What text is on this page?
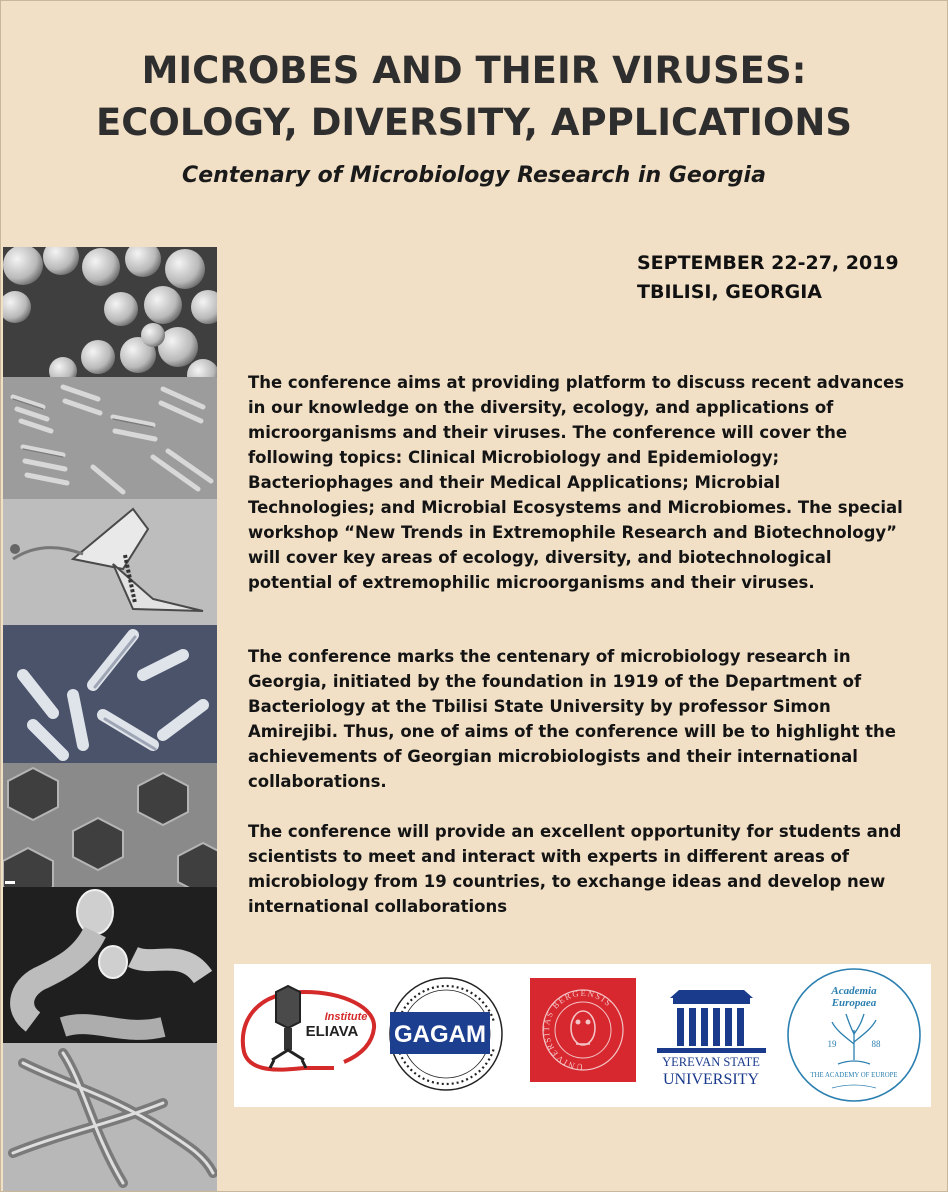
MICROBES AND THEIR VIRUSES:
ECOLOGY, DIVERSITY, APPLICATIONS
Centenary of Microbiology Research in Georgia
SEPTEMBER 22-27, 2019
TBILISI, GEORGIA

The conference aims at providing platform to discuss recent advances in our knowledge on the diversity, ecology, and applications of microorganisms and their viruses. The conference will cover the following topics: Clinical Microbiology and Epidemiology; Bacteriophages and their Medical Applications; Microbial Technologies; and Microbial Ecosystems and Microbiomes. The special workshop “New Trends in Extremophile Research and Biotechnology” will cover key areas of ecology, diversity, and biotechnological potential of extremophilic microorganisms and their viruses.

The conference marks the centenary of microbiology research in Georgia, initiated by the foundation in 1919 of the Department of Bacteriology at the Tbilisi State University by professor Simon Amirejibi. Thus, one of aims of the conference will be to highlight the achievements of Georgian microbiologists and their international collaborations.

The conference will provide an excellent opportunity for students and scientists to meet and interact with experts in different areas of microbiology from 19 countries, to exchange ideas and develop new international collaborations

Institute
ELIAVA GAGAM
UNIVERSITAS BERGENSIS
YEREVAN STATE
UNIVERSITY
Academia
Europaea
19	88
THE ACADEMY OF EUROPE
